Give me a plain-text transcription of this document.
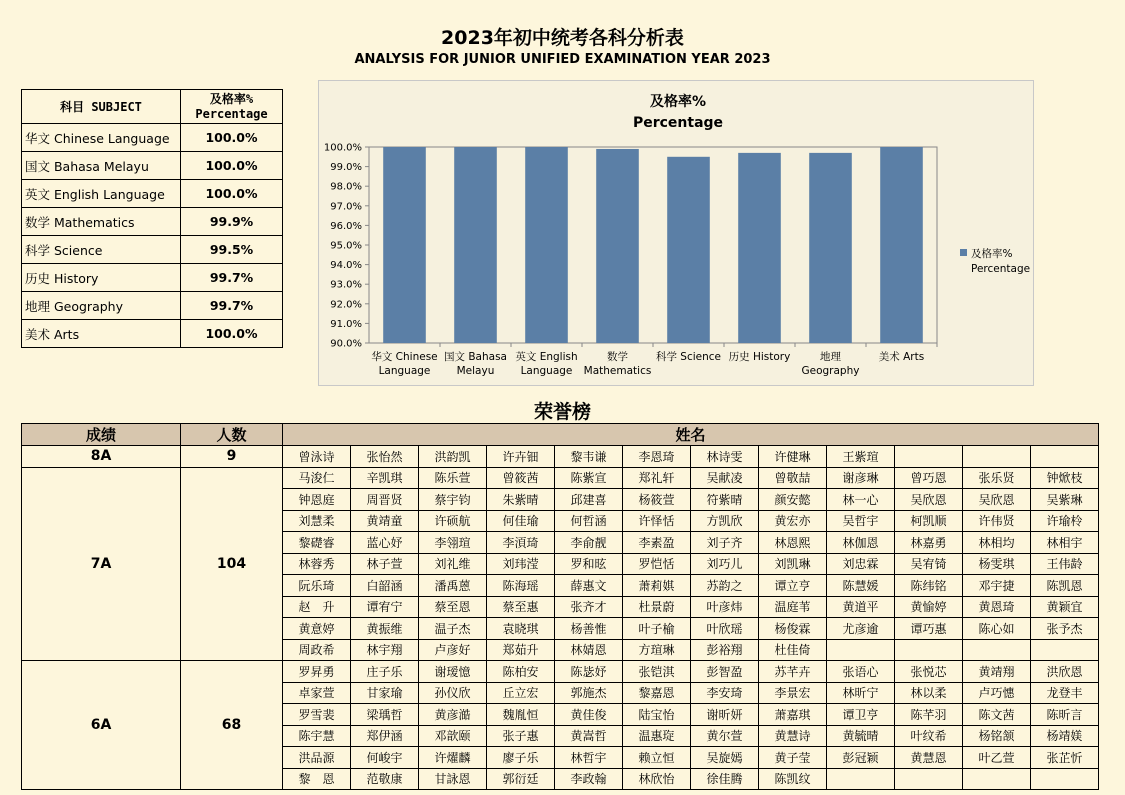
2023年初中统考各科分析表
ANALYSIS FOR JUNIOR UNIFIED EXAMINATION YEAR 2023
科目 SUBJECT	及格率%
Percentage

华文 Chinese Language	100.0%
国文 Bahasa Melayu	100.0%
英文 English Language	100.0%
数学 Mathematics	99.9%
科学 Science	99.5%
历史 History	99.7%
地理 Geography	99.7%
美术 Arts	100.0%
及格率%
Percentage
90.0%
91.0%
92.0%
93.0%
94.0%
95.0%
96.0%
97.0%
98.0%
99.0%
100.0%
华文 Chinese
Language
国文 Bahasa
Melayu
英文 English
Language
数学
Mathematics
科学 Science 历史 History	地理
Geography
美术 Arts
及格率%
Percentage
荣誉榜
成绩	人数	姓名											
8A	9	曾泳诗	张怡然	洪韵凯	许卉钿	黎韦谦	李恩琦	林诗雯	许健琳	王紫瑄			
7A	104	马浚仁	辛凯琪	陈乐萱	曾筱茜	陈紫宣	郑礼轩	吴献凌	曾敬喆	谢彦琳	曾巧恩	张乐贤	钟焮枝
		钟恩庭	周晋贤	蔡宇钧	朱紫晴	邱建喜	杨筱萱	符紫晴	颜安懿	林一心	吴欣恩	吴欣恩	吴紫琳
		刘慧柔	黄靖童	许硕航	何佳瑜	何哲涵	许怿恬	方凯欣	黄宏亦	吴哲宇	柯凯顺	许伟贤	许瑜柃
		黎礎睿	蓝心妤	李翎瑄	李湏琦	李俞靓	李素盈	刘子齐	林恩熙	林伽恩	林嘉勇	林相均	林相宇
		林蓉秀	林子萱	刘礼维	刘玮滢	罗和昡	罗恺恬	刘巧儿	刘凯琳	刘忠霖	吴宥锜	杨雯琪	王伟龄
		阮乐琦	白韶涵	潘禹蒽	陈海瑶	薛惠文	萧莉娸	苏韵之	谭立亨	陈慧媛	陈纬铭	邓宇捷	陈凯恩
		赵　升	谭宥宁	蔡至恩	蔡至惠	张齐才	杜景蔚	叶彦炜	温庭苇	黄道平	黄愉婷	黄恩琦	黄颖宜
		黄意婷	黄振维	温子杰	袁晓琪	杨善惟	叶子榆	叶欣瑶	杨俊霖	尤彦逾	谭巧惠	陈心如	张予杰
		周政希	林宇翔	卢彦好	郑茹升	林婧恩	方瑄琳	彭裕翔	杜佳倚				
6A	68	罗昇勇	庄子乐	谢瑷憶	陈柏安	陈毖妤	张铠淇	彭智盈	苏芊卉	张语心	张悦芯	黄靖翔	洪欣恩
		卓家萱	甘家瑜	孙仪欣	丘立宏	郭施杰	黎嘉恩	李安琦	李景宏	林昕宁	林以柔	卢巧憓	龙登丰
		罗雪裴	梁瑀哲	黄彦澔	魏胤恒	黄佳俊	陆宝怡	谢昕妍	萧嘉琪	谭卫亨	陈芊羽	陈文茜	陈昕言
		陈宇慧	郑伊涵	邓歆颐	张子惠	黄嵩哲	温惠琁	黄尔萱	黄慧诗	黄毓晴	叶纹希	杨铭颔	杨靖媄
		洪品源	何峻宇	许燿麟	廖子乐	林哲宇	赖立恒	吴旋嫣	黄子莹	彭冠颖	黄慧恩	叶乙萱	张芷忻
		黎　恩	范敬康	甘詠恩	郭衍廷	李政翰	林欣怡	徐佳腾	陈凯纹				
